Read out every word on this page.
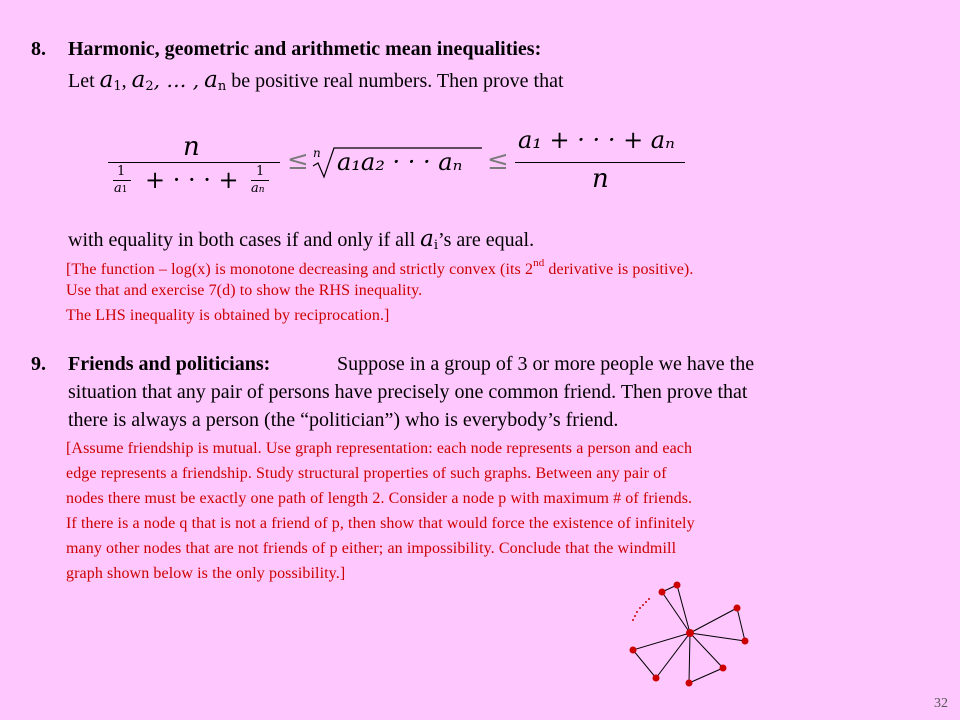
8. Harmonic, geometric and arithmetic mean inequalities:
Let $a_1$, $a_2$, … , $a_n$ be positive real numbers. Then prove that
n
1
a1 + · · · + 1
an
≤ n a₁a₂ · · · aₙ ≤
a₁ + · · · + aₙ
n
with equality in both cases if and only if all $a_i’s$ are equal.
[The function – log(x) is monotone decreasing and strictly convex (its 2nd derivative is positive).
Use that and exercise 7(d) to show the RHS inequality.
The LHS inequality is obtained by reciprocation.]
9. Friends and politicians:	Suppose in a group of 3 or more people we have the
situation that any pair of persons have precisely one common friend. Then prove that
there is always a person (the “politician”) who is everybody’s friend.
[Assume friendship is mutual. Use graph representation: each node represents a person and each
edge represents a friendship. Study structural properties of such graphs. Between any pair of
nodes there must be exactly one path of length 2. Consider a node p with maximum # of friends.
If there is a node q that is not a friend of p, then show that would force the existence of infinitely
many other nodes that are not friends of p either; an impossibility. Conclude that the windmill
graph shown below is the only possibility.]
32
